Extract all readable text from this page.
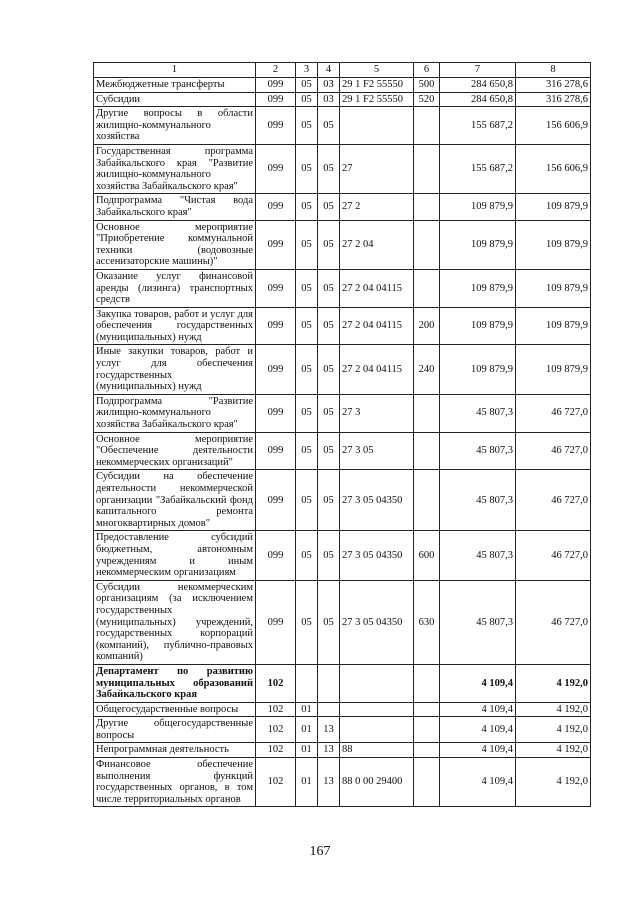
1	2	3	4	5	6	7	8
Межбюджетные трансферты	099	05	03	29 1 F2 55550	500	284 650,8	316 278,6
Субсидии	099	05	03	29 1 F2 55550	520	284 650,8	316 278,6
Другие вопросы в области жилищно-коммунального хозяйства	099	05	05			155 687,2	156 606,9
Государственная программа Забайкальского края "Развитие жилищно-коммунального хозяйства Забайкальского края"	099	05	05	27		155 687,2	156 606,9
Подпрограмма "Чистая вода Забайкальского края"	099	05	05	27 2		109 879,9	109 879,9
Основное мероприятие "Приобретение коммунальной техники (водовозные ассенизаторские машины)"	099	05	05	27 2 04		109 879,9	109 879,9
Оказание услуг финансовой аренды (лизинга) транспортных средств	099	05	05	27 2 04 04115		109 879,9	109 879,9
Закупка товаров, работ и услуг для обеспечения государственных (муниципальных) нужд	099	05	05	27 2 04 04115	200	109 879,9	109 879,9
Иные закупки товаров, работ и услуг для обеспечения государственных (муниципальных) нужд	099	05	05	27 2 04 04115	240	109 879,9	109 879,9
Подпрограмма "Развитие жилищно-коммунального хозяйства Забайкальского края"	099	05	05	27 3		45 807,3	46 727,0
Основное мероприятие "Обеспечение деятельности некоммерческих организаций"	099	05	05	27 3 05		45 807,3	46 727,0
Субсидии на обеспечение деятельности некоммерческой организации "Забайкальский фонд капитального ремонта многоквартирных домов"	099	05	05	27 3 05 04350		45 807,3	46 727,0
Предоставление субсидий бюджетным, автономным учреждениям и иным некоммерческим организациям	099	05	05	27 3 05 04350	600	45 807,3	46 727,0
Субсидии некоммерческим организациям (за исключением государственных (муниципальных) учреждений, государственных корпораций (компаний), публично-правовых компаний)	099	05	05	27 3 05 04350	630	45 807,3	46 727,0
Департамент по развитию муниципальных образований Забайкальского края	102					4 109,4	4 192,0
Общегосударственные вопросы	102	01				4 109,4	4 192,0
Другие общегосударственные вопросы	102	01	13			4 109,4	4 192,0
Непрограммная деятельность	102	01	13	88		4 109,4	4 192,0
Финансовое обеспечение выполнения функций государственных органов, в том числе территориальных органов	102	01	13	88 0 00 29400		4 109,4	4 192,0
167
